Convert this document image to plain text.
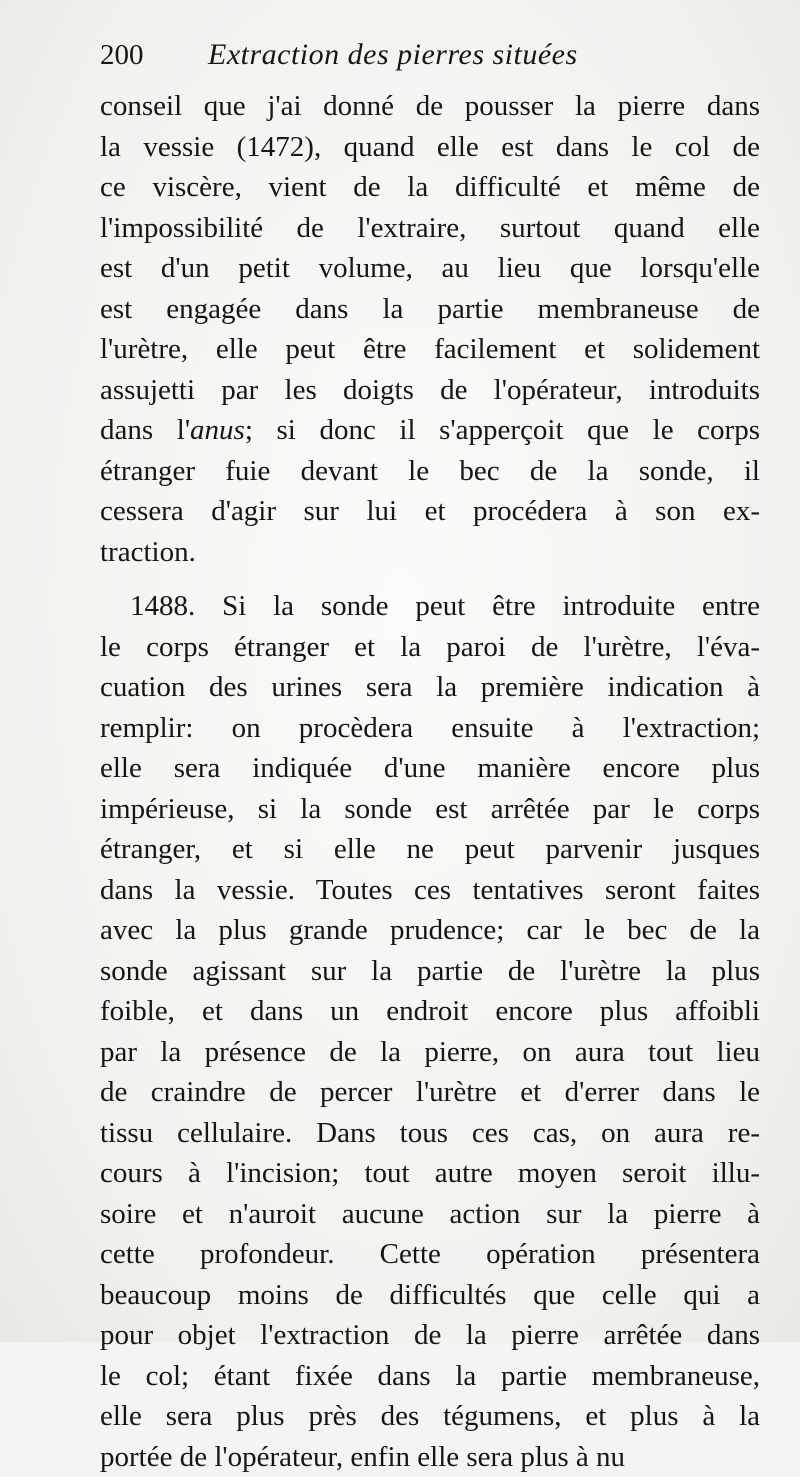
200	Extraction des pierres situées
conseil que j'ai donné de pousser la pierre dans
la vessie (1472), quand elle est dans le col de
ce viscère, vient de la difficulté et même de
l'impossibilité de l'extraire, surtout quand elle
est d'un petit volume, au lieu que lorsqu'elle
est engagée dans la partie membraneuse de
l'urètre, elle peut être facilement et solidement
assujetti par les doigts de l'opérateur, introduits
dans l'anus; si donc il s'apperçoit que le corps
étranger fuie devant le bec de la sonde, il
cessera d'agir sur lui et procédera à son ex-
traction.
1488. Si la sonde peut être introduite entre
le corps étranger et la paroi de l'urètre, l'éva-
cuation des urines sera la première indication à
remplir: on procèdera ensuite à l'extraction;
elle sera indiquée d'une manière encore plus
impérieuse, si la sonde est arrêtée par le corps
étranger, et si elle ne peut parvenir jusques
dans la vessie. Toutes ces tentatives seront faites
avec la plus grande prudence; car le bec de la
sonde agissant sur la partie de l'urètre la plus
foible, et dans un endroit encore plus affoibli
par la présence de la pierre, on aura tout lieu
de craindre de percer l'urètre et d'errer dans le
tissu cellulaire. Dans tous ces cas, on aura re-
cours à l'incision; tout autre moyen seroit illu-
soire et n'auroit aucune action sur la pierre à
cette profondeur. Cette opération présentera
beaucoup moins de difficultés que celle qui a
pour objet l'extraction de la pierre arrêtée dans
le col; étant fixée dans la partie membraneuse,
elle sera plus près des tégumens, et plus à la
portée de l'opérateur, enfin elle sera plus à nu
